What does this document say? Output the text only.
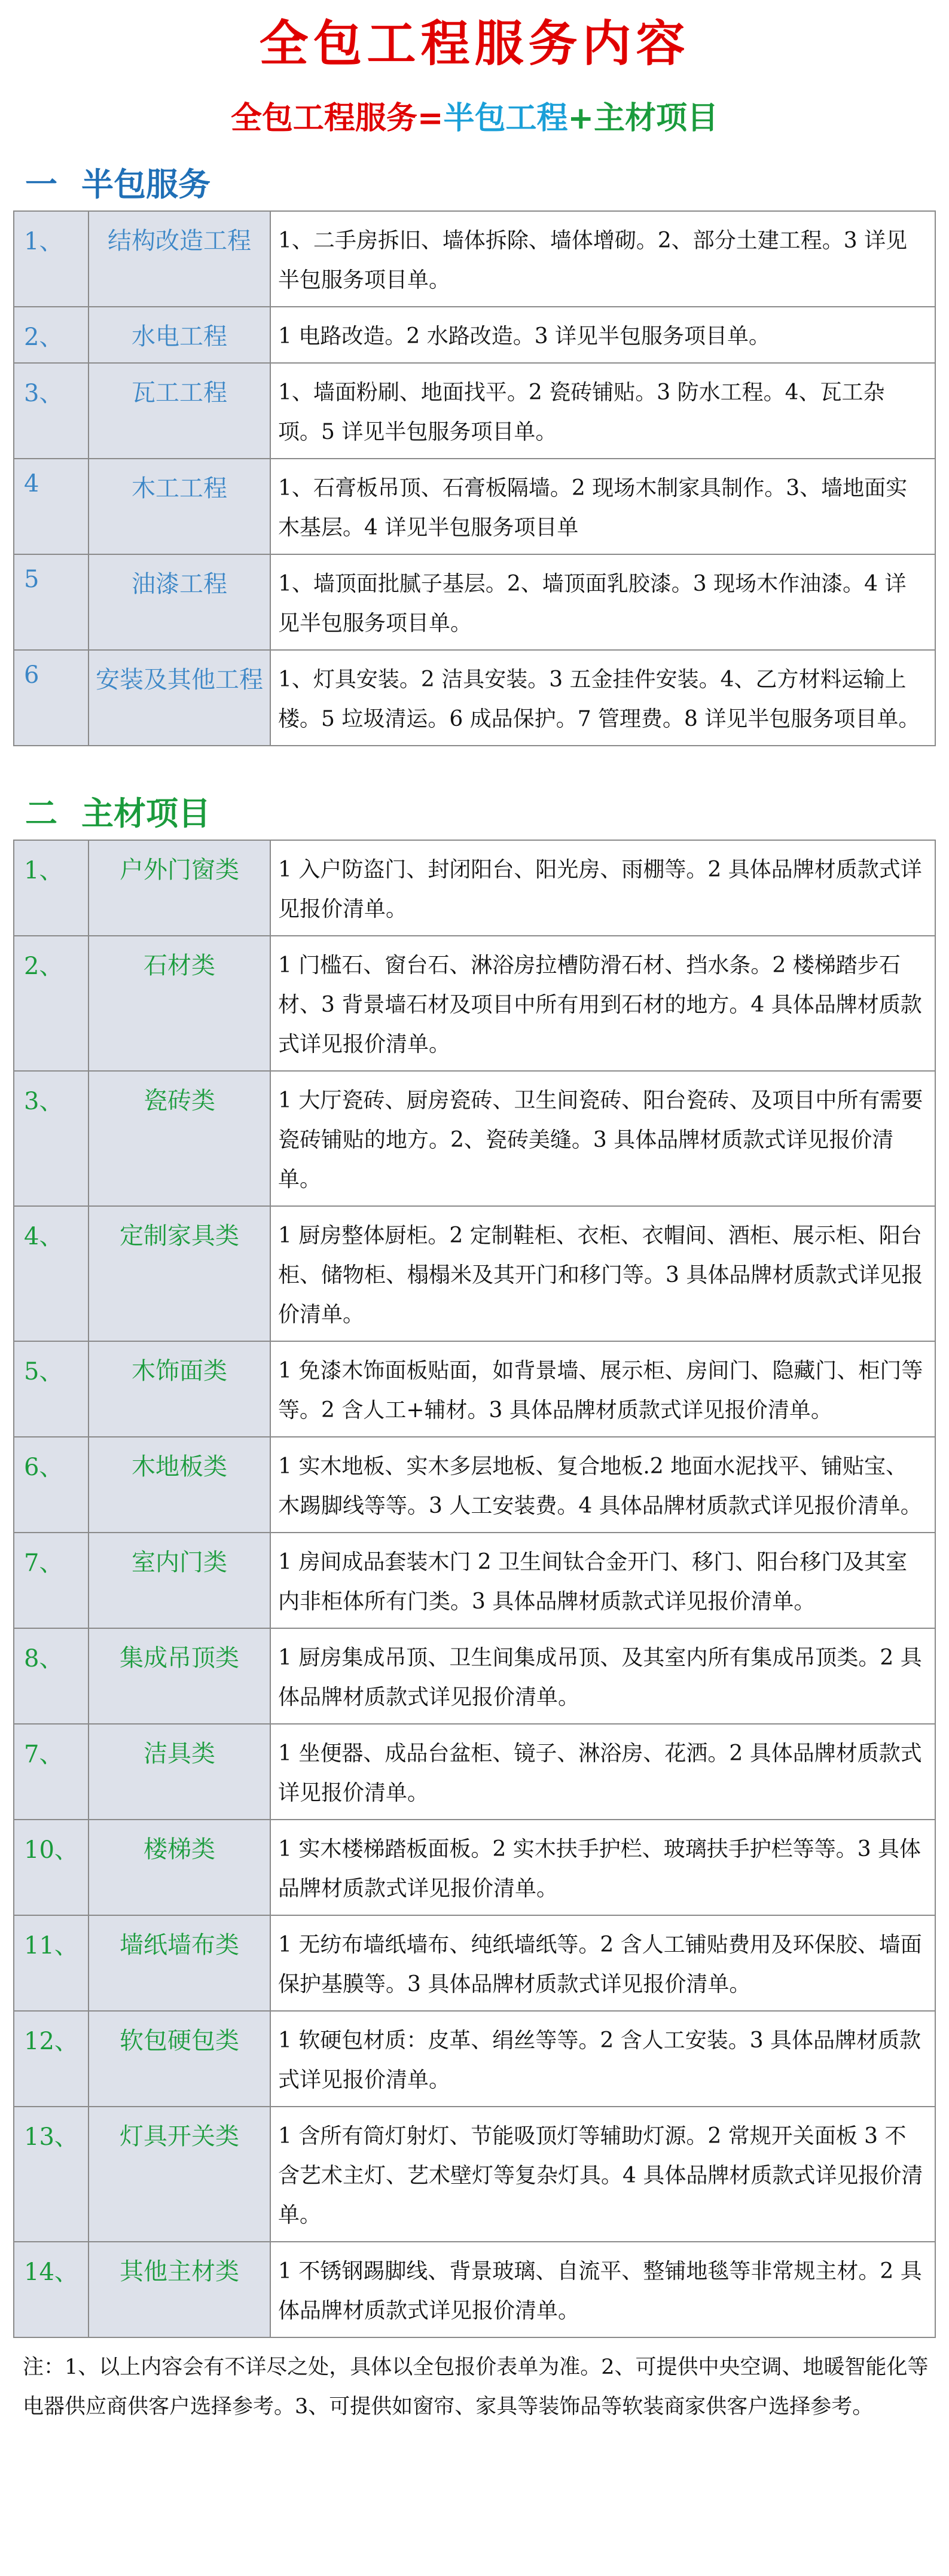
全包工程服务内容
全包工程服务=半包工程+主材项目
一 半包服务
1、	结构改造工程	1、二手房拆旧、墙体拆除、墙体增砌。2、部分土建工程。3 详见半包服务项目单。
2、	水电工程	1 电路改造。2 水路改造。3 详见半包服务项目单。
3、	瓦工工程	1、墙面粉刷、地面找平。2 瓷砖铺贴。3 防水工程。4、瓦工杂项。5 详见半包服务项目单。
4	木工工程	1、石膏板吊顶、石膏板隔墙。2 现场木制家具制作。3、墙地面实木基层。4 详见半包服务项目单
5	油漆工程	1、墙顶面批腻子基层。2、墙顶面乳胶漆。3 现场木作油漆。4 详见半包服务项目单。
6	安装及其他工程	1、灯具安装。2 洁具安装。3 五金挂件安装。4、乙方材料运输上楼。5 垃圾清运。6 成品保护。7 管理费。8 详见半包服务项目单。
二 主材项目
1、	户外门窗类	1 入户防盗门、封闭阳台、阳光房、雨棚等。2 具体品牌材质款式详见报价清单。
2、	石材类	1 门槛石、窗台石、淋浴房拉槽防滑石材、挡水条。2 楼梯踏步石材、3 背景墙石材及项目中所有用到石材的地方。4 具体品牌材质款式详见报价清单。
3、	瓷砖类	1 大厅瓷砖、厨房瓷砖、卫生间瓷砖、阳台瓷砖、及项目中所有需要瓷砖铺贴的地方。2、瓷砖美缝。3 具体品牌材质款式详见报价清单。
4、	定制家具类	1 厨房整体厨柜。2 定制鞋柜、衣柜、衣帽间、酒柜、展示柜、阳台柜、储物柜、榻榻米及其开门和移门等。3 具体品牌材质款式详见报价清单。
5、	木饰面类	1 免漆木饰面板贴面，如背景墙、展示柜、房间门、隐藏门、柜门等等。2 含人工+辅材。3 具体品牌材质款式详见报价清单。
6、	木地板类	1 实木地板、实木多层地板、复合地板.2 地面水泥找平、铺贴宝、木踢脚线等等。3 人工安装费。4 具体品牌材质款式详见报价清单。
7、	室内门类	1 房间成品套装木门 2 卫生间钛合金开门、移门、阳台移门及其室内非柜体所有门类。3 具体品牌材质款式详见报价清单。
8、	集成吊顶类	1 厨房集成吊顶、卫生间集成吊顶、及其室内所有集成吊顶类。2 具体品牌材质款式详见报价清单。
7、	洁具类	1 坐便器、成品台盆柜、镜子、淋浴房、花洒。2 具体品牌材质款式详见报价清单。
10、	楼梯类	1 实木楼梯踏板面板。2 实木扶手护栏、玻璃扶手护栏等等。3 具体品牌材质款式详见报价清单。
11、	墙纸墙布类	1 无纺布墙纸墙布、纯纸墙纸等。2 含人工铺贴费用及环保胶、墙面保护基膜等。3 具体品牌材质款式详见报价清单。
12、	软包硬包类	1 软硬包材质：皮革、绢丝等等。2 含人工安装。3 具体品牌材质款式详见报价清单。
13、	灯具开关类	1 含所有筒灯射灯、节能吸顶灯等辅助灯源。2 常规开关面板 3 不含艺术主灯、艺术壁灯等复杂灯具。4 具体品牌材质款式详见报价清单。
14、	其他主材类	1 不锈钢踢脚线、背景玻璃、自流平、整铺地毯等非常规主材。2 具体品牌材质款式详见报价清单。
注：1、以上内容会有不详尽之处，具体以全包报价表单为准。2、可提供中央空调、地暖智能化等电器供应商供客户选择参考。3、可提供如窗帘、家具等装饰品等软装商家供客户选择参考。
